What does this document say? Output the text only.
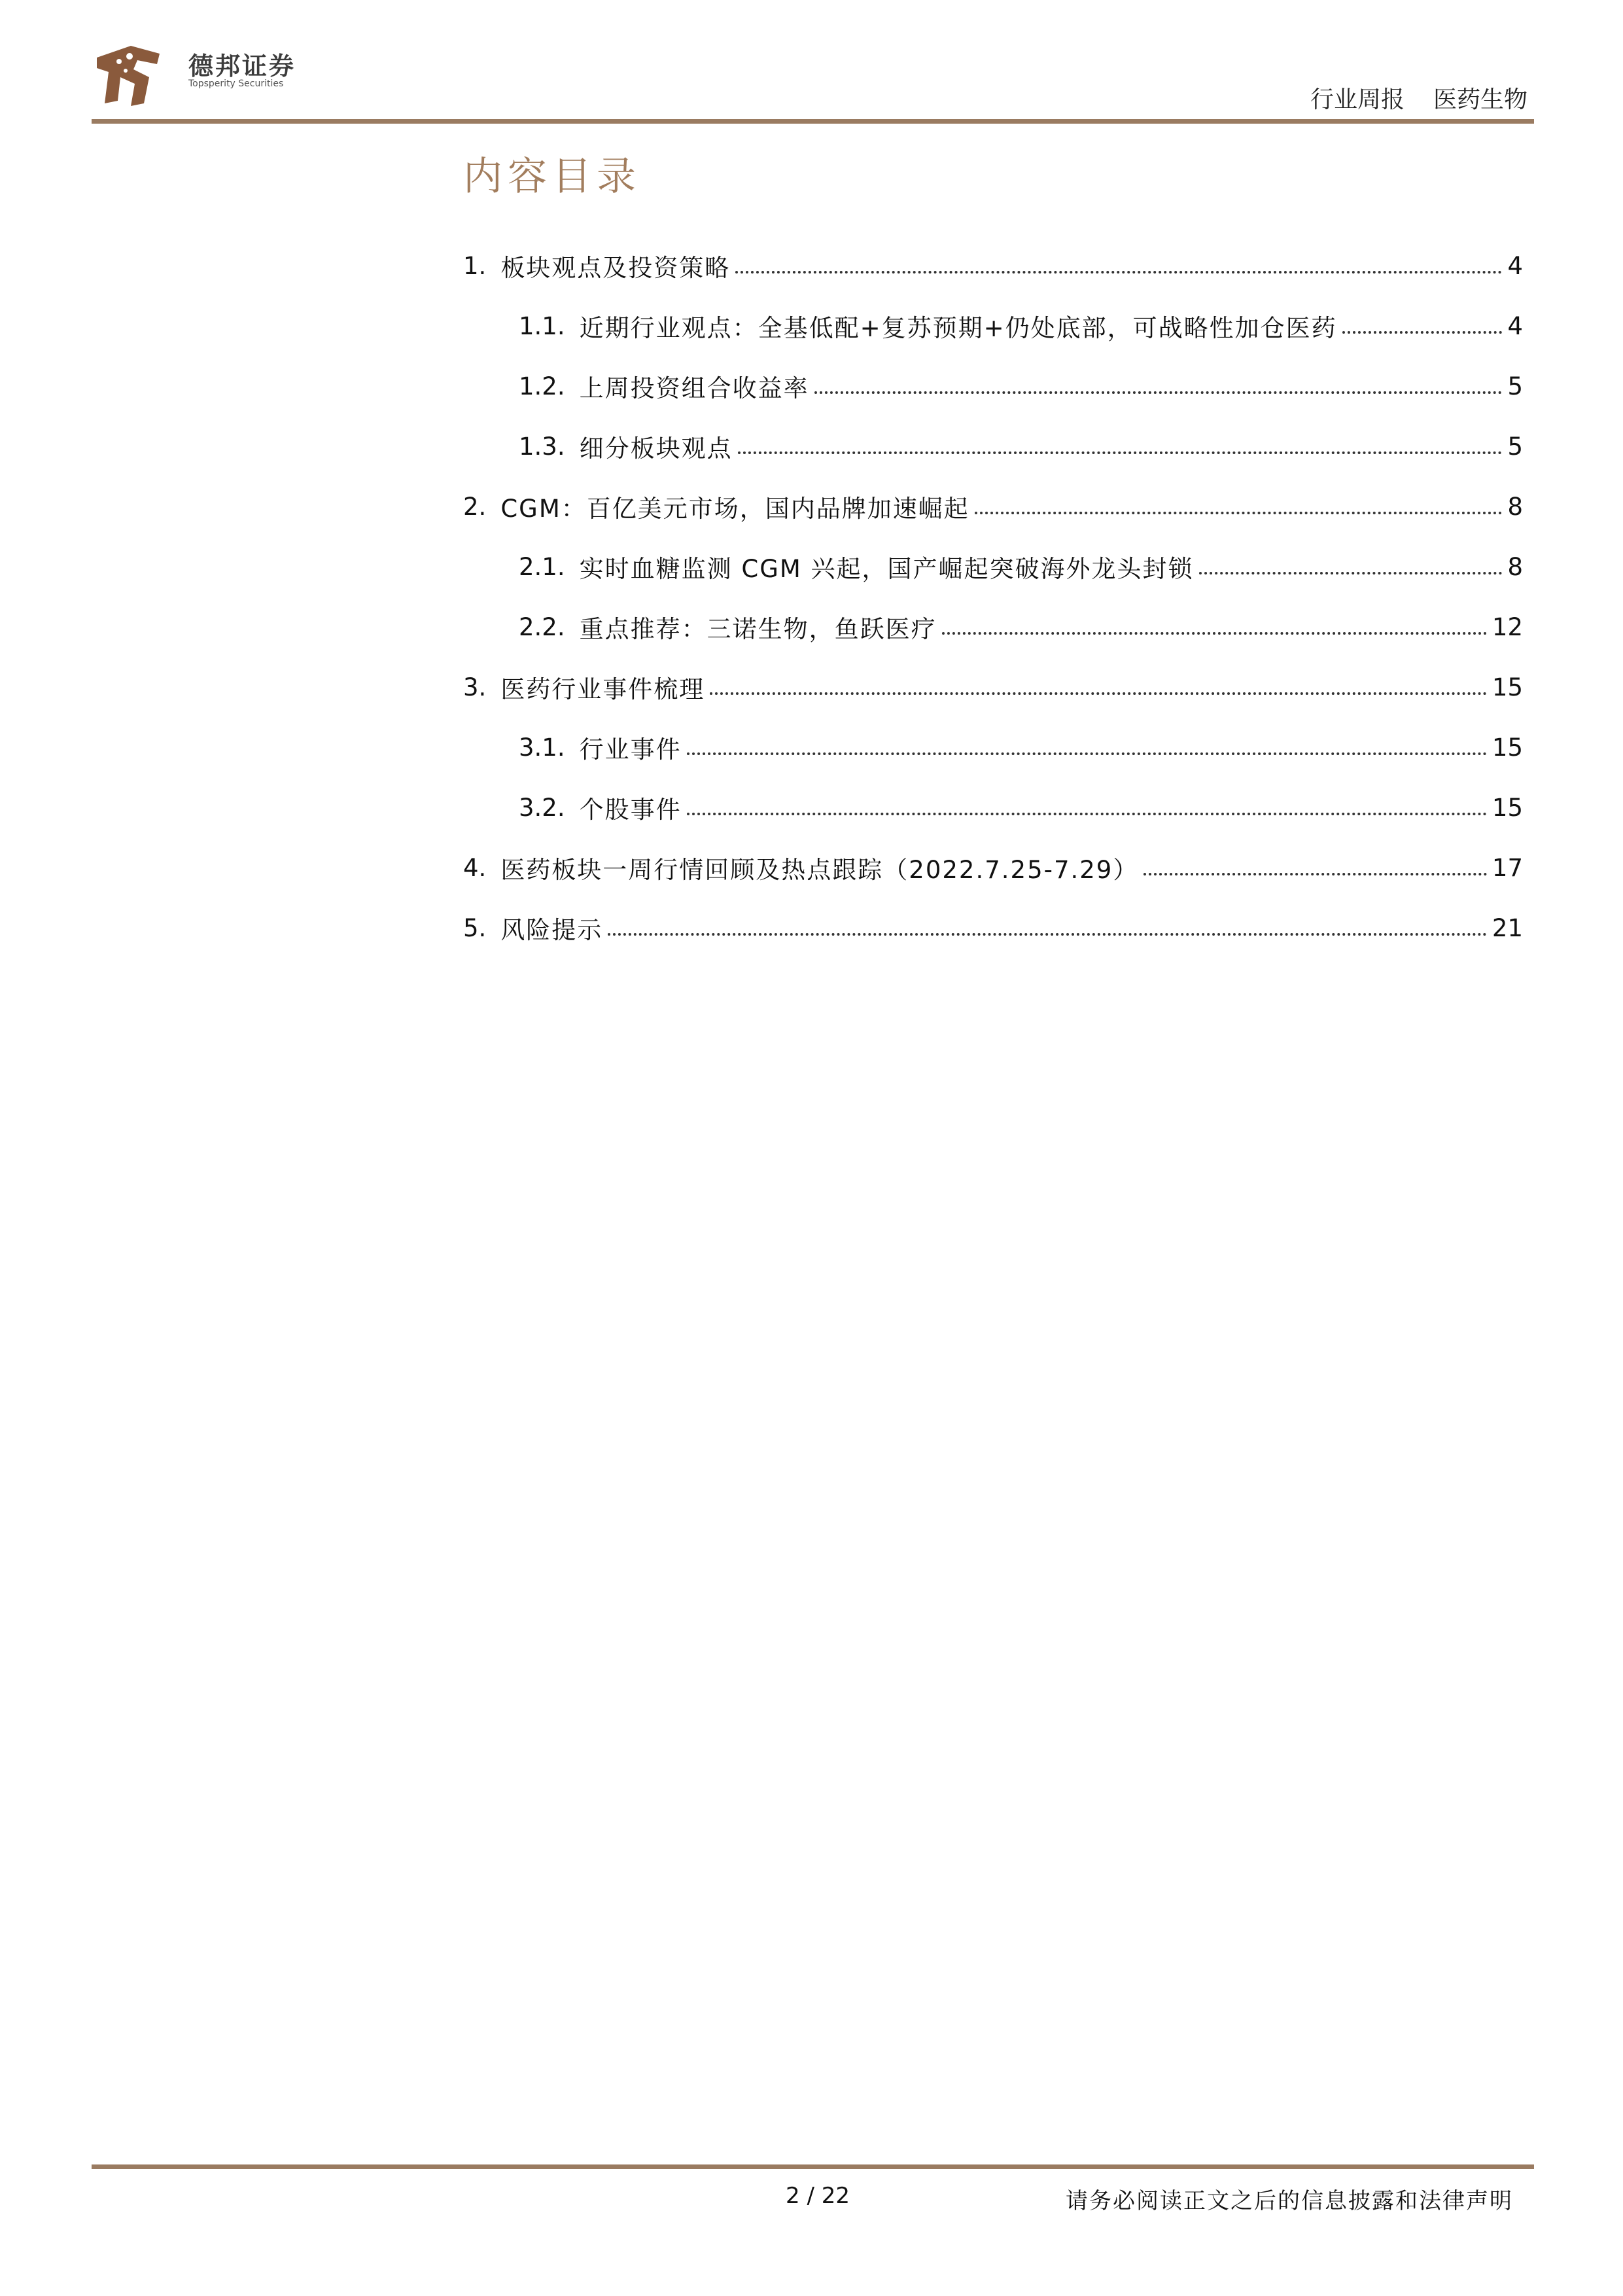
德邦证券
Topsperity Securities
行业周报 医药生物
内容目录
1. 板块观点及投资策略	4
1.1. 近期行业观点：全基低配+复苏预期+仍处底部，可战略性加仓医药	4
1.2. 上周投资组合收益率	5
1.3. 细分板块观点	5
2. CGM：百亿美元市场，国内品牌加速崛起	8
2.1. 实时血糖监测 CGM 兴起，国产崛起突破海外龙头封锁	8
2.2. 重点推荐：三诺生物，鱼跃医疗	12
3. 医药行业事件梳理	15
3.1. 行业事件	15
3.2. 个股事件	15
4. 医药板块一周行情回顾及热点跟踪（2022.7.25-7.29）	17
5. 风险提示	21
2 / 22	请务必阅读正文之后的信息披露和法律声明
